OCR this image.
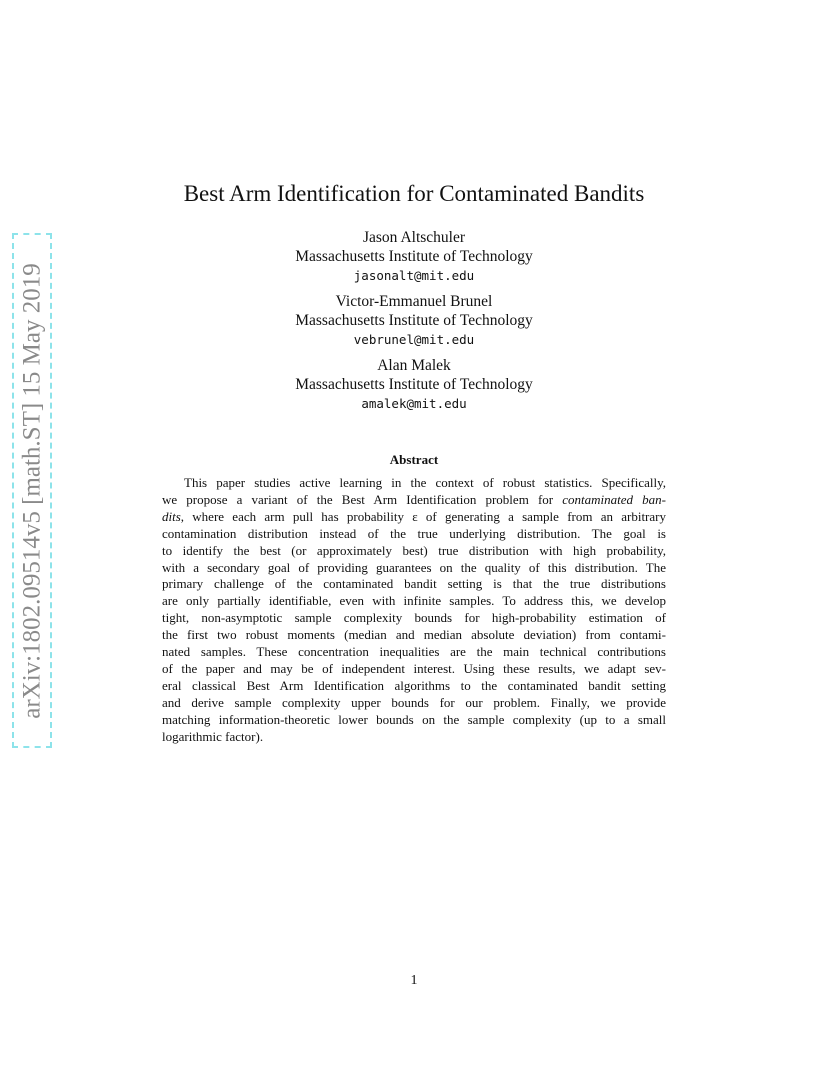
arXiv:1802.09514v5 [math.ST] 15 May 2019
Best Arm Identification for Contaminated Bandits
Jason Altschuler
Massachusetts Institute of Technology
jasonalt@mit.edu
Victor-Emmanuel Brunel
Massachusetts Institute of Technology
vebrunel@mit.edu
Alan Malek
Massachusetts Institute of Technology
amalek@mit.edu
Abstract
This paper studies active learning in the context of robust statistics. Specifically,
we propose a variant of the Best Arm Identification problem for contaminated ban-
dits, where each arm pull has probability ε of generating a sample from an arbitrary
contamination distribution instead of the true underlying distribution. The goal is
to identify the best (or approximately best) true distribution with high probability,
with a secondary goal of providing guarantees on the quality of this distribution. The
primary challenge of the contaminated bandit setting is that the true distributions
are only partially identifiable, even with infinite samples. To address this, we develop
tight, non-asymptotic sample complexity bounds for high-probability estimation of
the first two robust moments (median and median absolute deviation) from contami-
nated samples. These concentration inequalities are the main technical contributions
of the paper and may be of independent interest. Using these results, we adapt sev-
eral classical Best Arm Identification algorithms to the contaminated bandit setting
and derive sample complexity upper bounds for our problem. Finally, we provide
matching information-theoretic lower bounds on the sample complexity (up to a small
logarithmic factor).
1
